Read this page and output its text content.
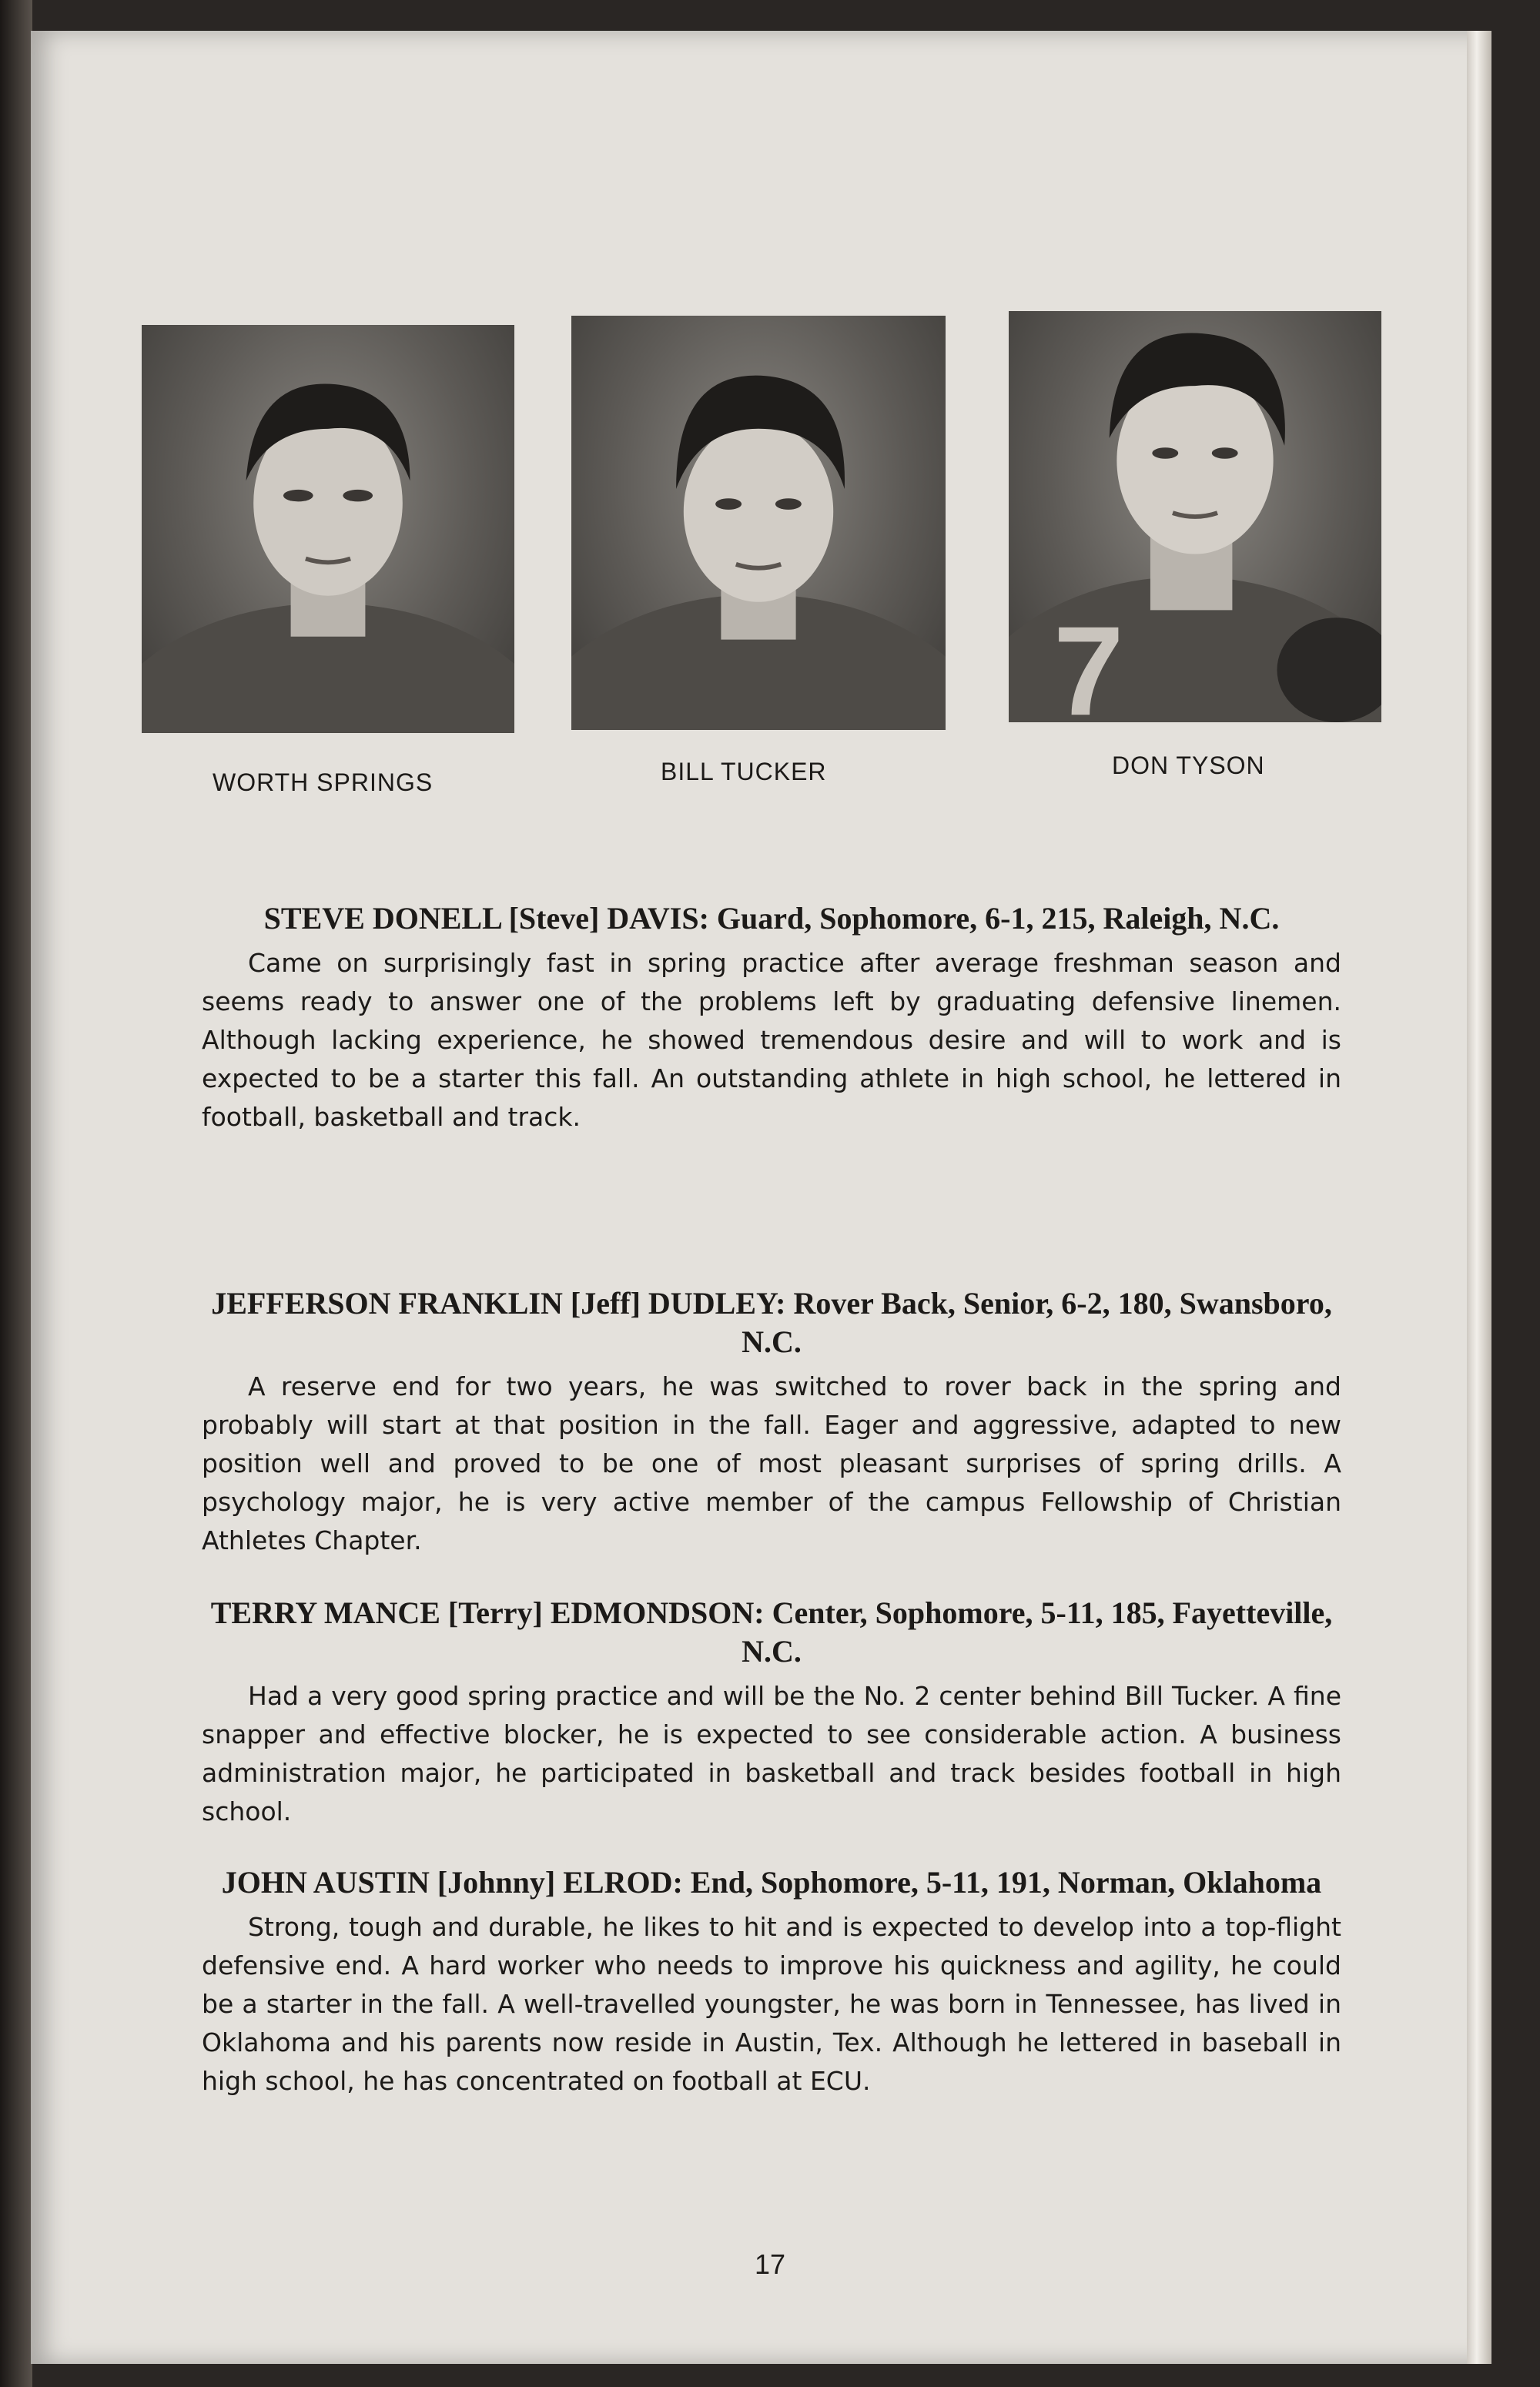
7
WORTH SPRINGS	BILL TUCKER	DON TYSON

STEVE DONELL [Steve] DAVIS: Guard, Sophomore, 6-1, 215, Raleigh, N.C.

Came on surprisingly fast in spring practice after average freshman season and seems ready to answer one of the problems left by graduating defensive linemen. Although lacking experience, he showed tremendous desire and will to work and is expected to be a starter this fall. An outstanding athlete in high school, he lettered in football, basketball and track.

JEFFERSON FRANKLIN [Jeff] DUDLEY: Rover Back, Senior, 6-2, 180, Swansboro, N.C.

A reserve end for two years, he was switched to rover back in the spring and probably will start at that position in the fall. Eager and aggressive, adapted to new position well and proved to be one of most pleasant surprises of spring drills. A psychology major, he is very active member of the campus Fellowship of Christian Athletes Chapter.

TERRY MANCE [Terry] EDMONDSON: Center, Sophomore, 5-11, 185, Fayetteville, N.C.

Had a very good spring practice and will be the No. 2 center behind Bill Tucker. A fine snapper and effective blocker, he is expected to see considerable action. A business administration major, he participated in basketball and track besides football in high school.

JOHN AUSTIN [Johnny] ELROD: End, Sophomore, 5-11, 191, Norman, Oklahoma

Strong, tough and durable, he likes to hit and is expected to develop into a top-flight defensive end. A hard worker who needs to improve his quickness and agility, he could be a starter in the fall. A well-travelled youngster, he was born in Tennessee, has lived in Oklahoma and his parents now reside in Austin, Tex. Although he lettered in baseball in high school, he has concentrated on football at ECU.

17
